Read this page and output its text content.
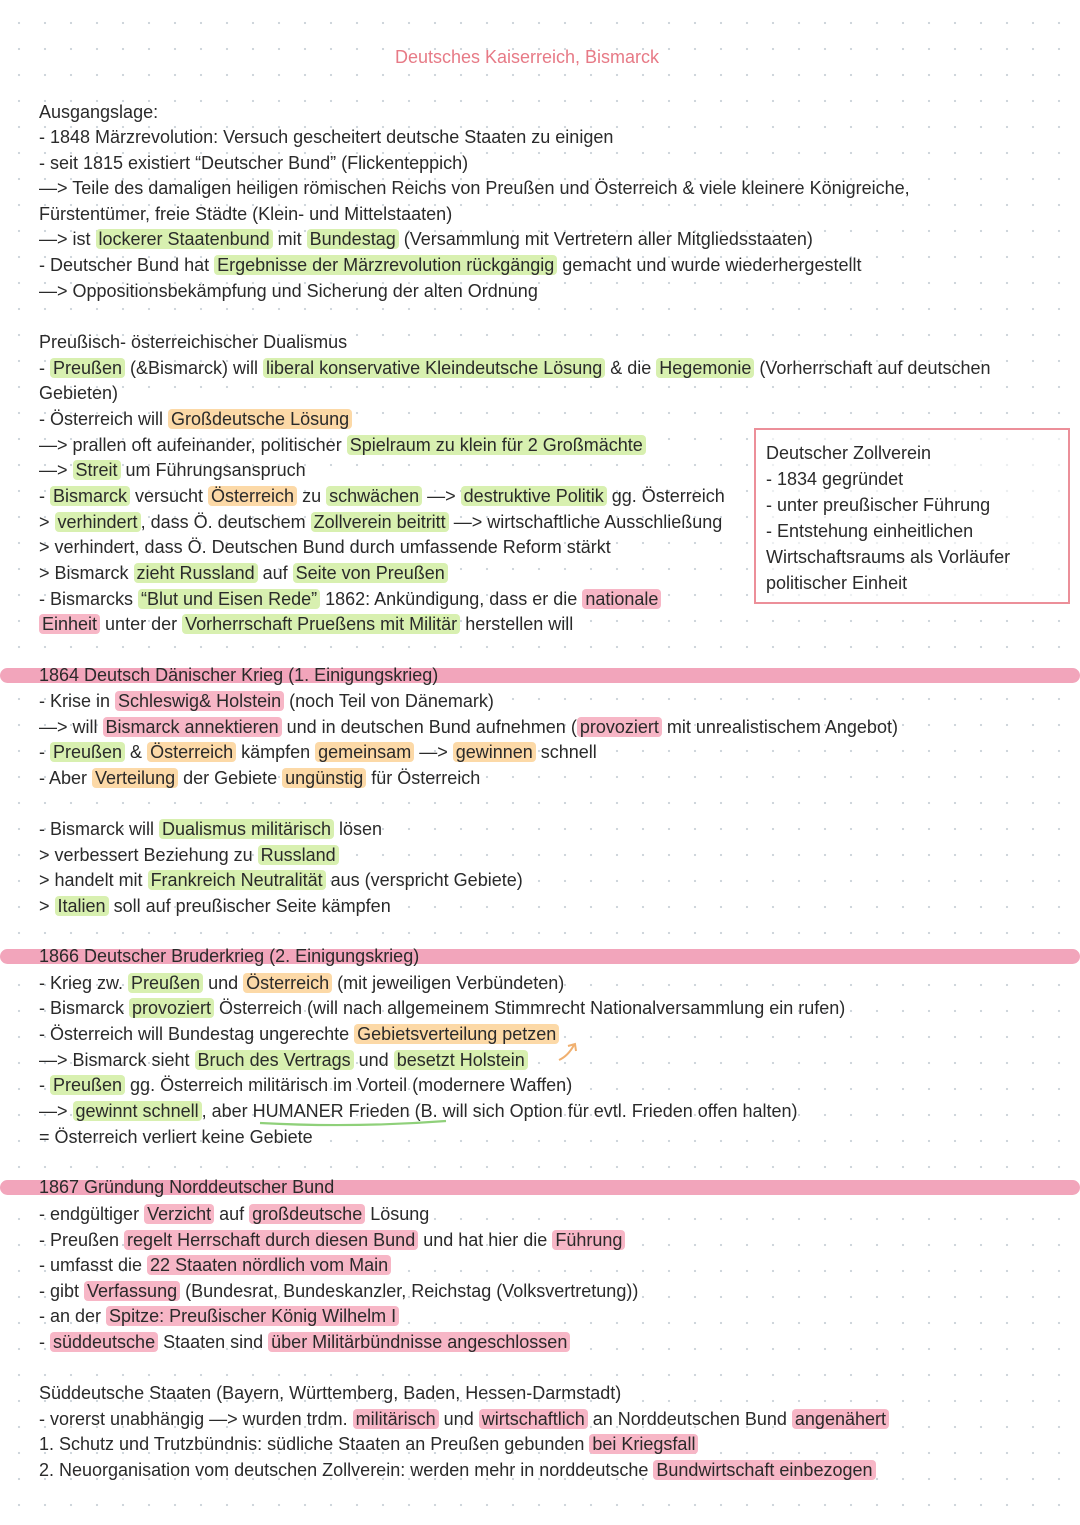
Deutsches Kaiserreich, Bismarck
Ausgangslage:
- 1848 Märzrevolution: Versuch gescheitert deutsche Staaten zu einigen
- seit 1815 existiert “Deutscher Bund” (Flickenteppich)
—> Teile des damaligen heiligen römischen Reichs von Preußen und Österreich & viele kleinere Königreiche,
Fürstentümer, freie Städte (Klein- und Mittelstaaten)
—> ist lockerer Staatenbund mit Bundestag (Versammlung mit Vertretern aller Mitgliedsstaaten)
- Deutscher Bund hat Ergebnisse der Märzrevolution rückgängig gemacht und wurde wiederhergestellt
—> Oppositionsbekämpfung und Sicherung der alten Ordnung
Preußisch- österreichischer Dualismus
- Preußen (&Bismarck) will liberal konservative Kleindeutsche Lösung & die Hegemonie (Vorherrschaft auf deutschen
Gebieten)
- Österreich will Großdeutsche Lösung
—> prallen oft aufeinander, politischer Spielraum zu klein für 2 Großmächte
—> Streit um Führungsanspruch
- Bismarck versucht Österreich zu schwächen —> destruktive Politik gg. Österreich
> verhindert , dass Ö. deutschem Zollverein beitritt —> wirtschaftliche Ausschließung
> verhindert, dass Ö. Deutschen Bund durch umfassende Reform stärkt
> Bismarck zieht Russland auf Seite von Preußen
- Bismarcks “Blut und Eisen Rede” 1862: Ankündigung, dass er die nationale
Einheit unter der Vorherrschaft Prueßens mit Militär herstellen will
Deutscher Zollverein
- 1834 gegründet
- unter preußischer Führung
- Entstehung einheitlichen
Wirtschaftsraums als Vorläufer
politischer Einheit
1864 Deutsch Dänischer Krieg (1. Einigungskrieg)
- Krise in Schleswig& Holstein (noch Teil von Dänemark)
—> will Bismarck annektieren und in deutschen Bund aufnehmen ( provoziert mit unrealistischem Angebot)
- Preußen & Österreich kämpfen gemeinsam —> gewinnen schnell
- Aber Verteilung der Gebiete ungünstig für Österreich
- Bismarck will Dualismus militärisch lösen
> verbessert Beziehung zu Russland
> handelt mit Frankreich Neutralität aus (verspricht Gebiete)
> Italien soll auf preußischer Seite kämpfen
1866 Deutscher Bruderkrieg (2. Einigungskrieg)
- Krieg zw. Preußen und Österreich (mit jeweiligen Verbündeten)
- Bismarck provoziert Österreich (will nach allgemeinem Stimmrecht Nationalversammlung ein rufen)
- Österreich will Bundestag ungerechte Gebietsverteilung petzen
—> Bismarck sieht Bruch des Vertrags und besetzt Holstein
- Preußen gg. Österreich militärisch im Vorteil (modernere Waffen)
—> gewinnt schnell , aber HUMANER Frieden (B. will sich Option für evtl. Frieden offen halten)
= Österreich verliert keine Gebiete
1867 Gründung Norddeutscher Bund
- endgültiger Verzicht auf großdeutsche Lösung
- Preußen regelt Herrschaft durch diesen Bund und hat hier die Führung
- umfasst die 22 Staaten nördlich vom Main
- gibt Verfassung (Bundesrat, Bundeskanzler, Reichstag (Volksvertretung))
- an der Spitze: Preußischer König Wilhelm I
- süddeutsche Staaten sind über Militärbündnisse angeschlossen
Süddeutsche Staaten (Bayern, Württemberg, Baden, Hessen-Darmstadt)
- vorerst unabhängig —> wurden trdm. militärisch und wirtschaftlich an Norddeutschen Bund angenähert
1. Schutz und Trutzbündnis: südliche Staaten an Preußen gebunden bei Kriegsfall
2. Neuorganisation vom deutschen Zollverein: werden mehr in norddeutsche Bundwirtschaft einbezogen
